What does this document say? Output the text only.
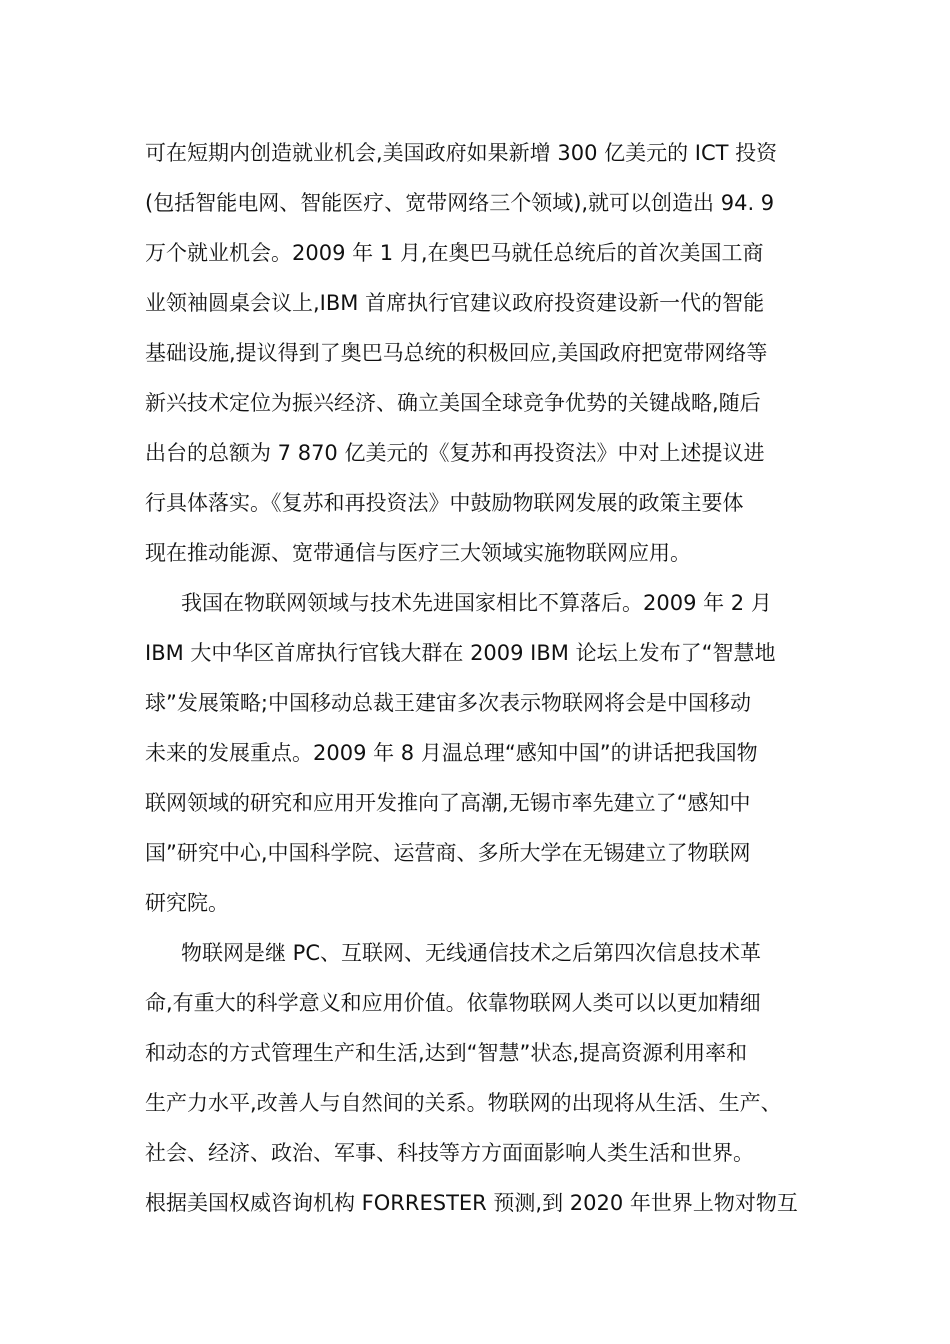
可在短期内创造就业机会,美国政府如果新增 300 亿美元的 ICT 投资
(包括智能电网、智能医疗、宽带网络三个领域),就可以创造出 94. 9
万个就业机会。2009 年 1 月,在奥巴马就任总统后的首次美国工商
业领袖圆桌会议上,IBM 首席执行官建议政府投资建设新一代的智能
基础设施,提议得到了奥巴马总统的积极回应,美国政府把宽带网络等
新兴技术定位为振兴经济、确立美国全球竞争优势的关键战略,随后
出台的总额为 7 870 亿美元的《复苏和再投资法》中对上述提议进
行具体落实。《复苏和再投资法》中鼓励物联网发展的政策主要体
现在推动能源、宽带通信与医疗三大领域实施物联网应用。
我国在物联网领域与技术先进国家相比不算落后。2009 年 2 月
IBM 大中华区首席执行官钱大群在 2009 IBM 论坛上发布了“智慧地
球”发展策略;中国移动总裁王建宙多次表示物联网将会是中国移动
未来的发展重点。2009 年 8 月温总理“感知中国”的讲话把我国物
联网领域的研究和应用开发推向了高潮,无锡市率先建立了“感知中
国”研究中心,中国科学院、运营商、多所大学在无锡建立了物联网
研究院。
物联网是继 PC、互联网、无线通信技术之后第四次信息技术革
命,有重大的科学意义和应用价值。依靠物联网人类可以以更加精细
和动态的方式管理生产和生活,达到“智慧”状态,提高资源利用率和
生产力水平,改善人与自然间的关系。物联网的出现将从生活、生产、
社会、经济、政治、军事、科技等方方面面影响人类生活和世界。
根据美国权威咨询机构 FORRESTER 预测,到 2020 年世界上物对物互
